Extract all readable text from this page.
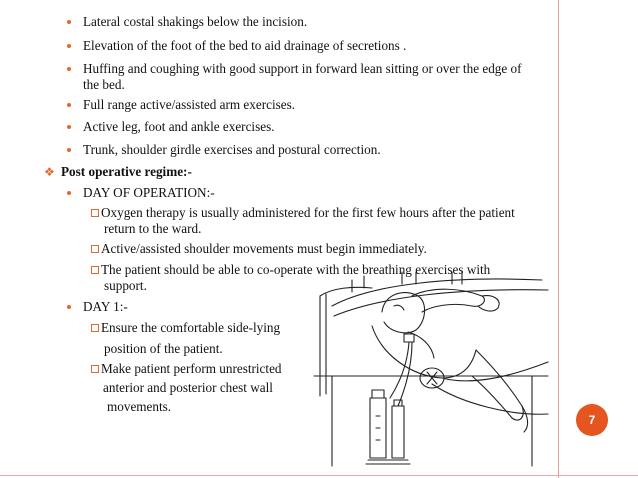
Lateral costal shakings below the incision.
Elevation of the foot of the bed to aid drainage of secretions .
Huffing and coughing with good support in forward lean sitting or over the edge of
the bed.
Full range active/assisted arm exercises.
Active leg, foot and ankle exercises.
Trunk, shoulder girdle exercises and postural correction.
❖ Post operative regime:-
DAY OF OPERATION:-
Oxygen therapy is usually administered for the first few hours after the patient
return to the ward.
Active/assisted shoulder movements must begin immediately.
The patient should be able to co-operate with the breathing exercises with
support.
DAY 1:-
Ensure the comfortable side-lying
position of the patient.
Make patient perform unrestricted
anterior and posterior chest wall
movements.
7
